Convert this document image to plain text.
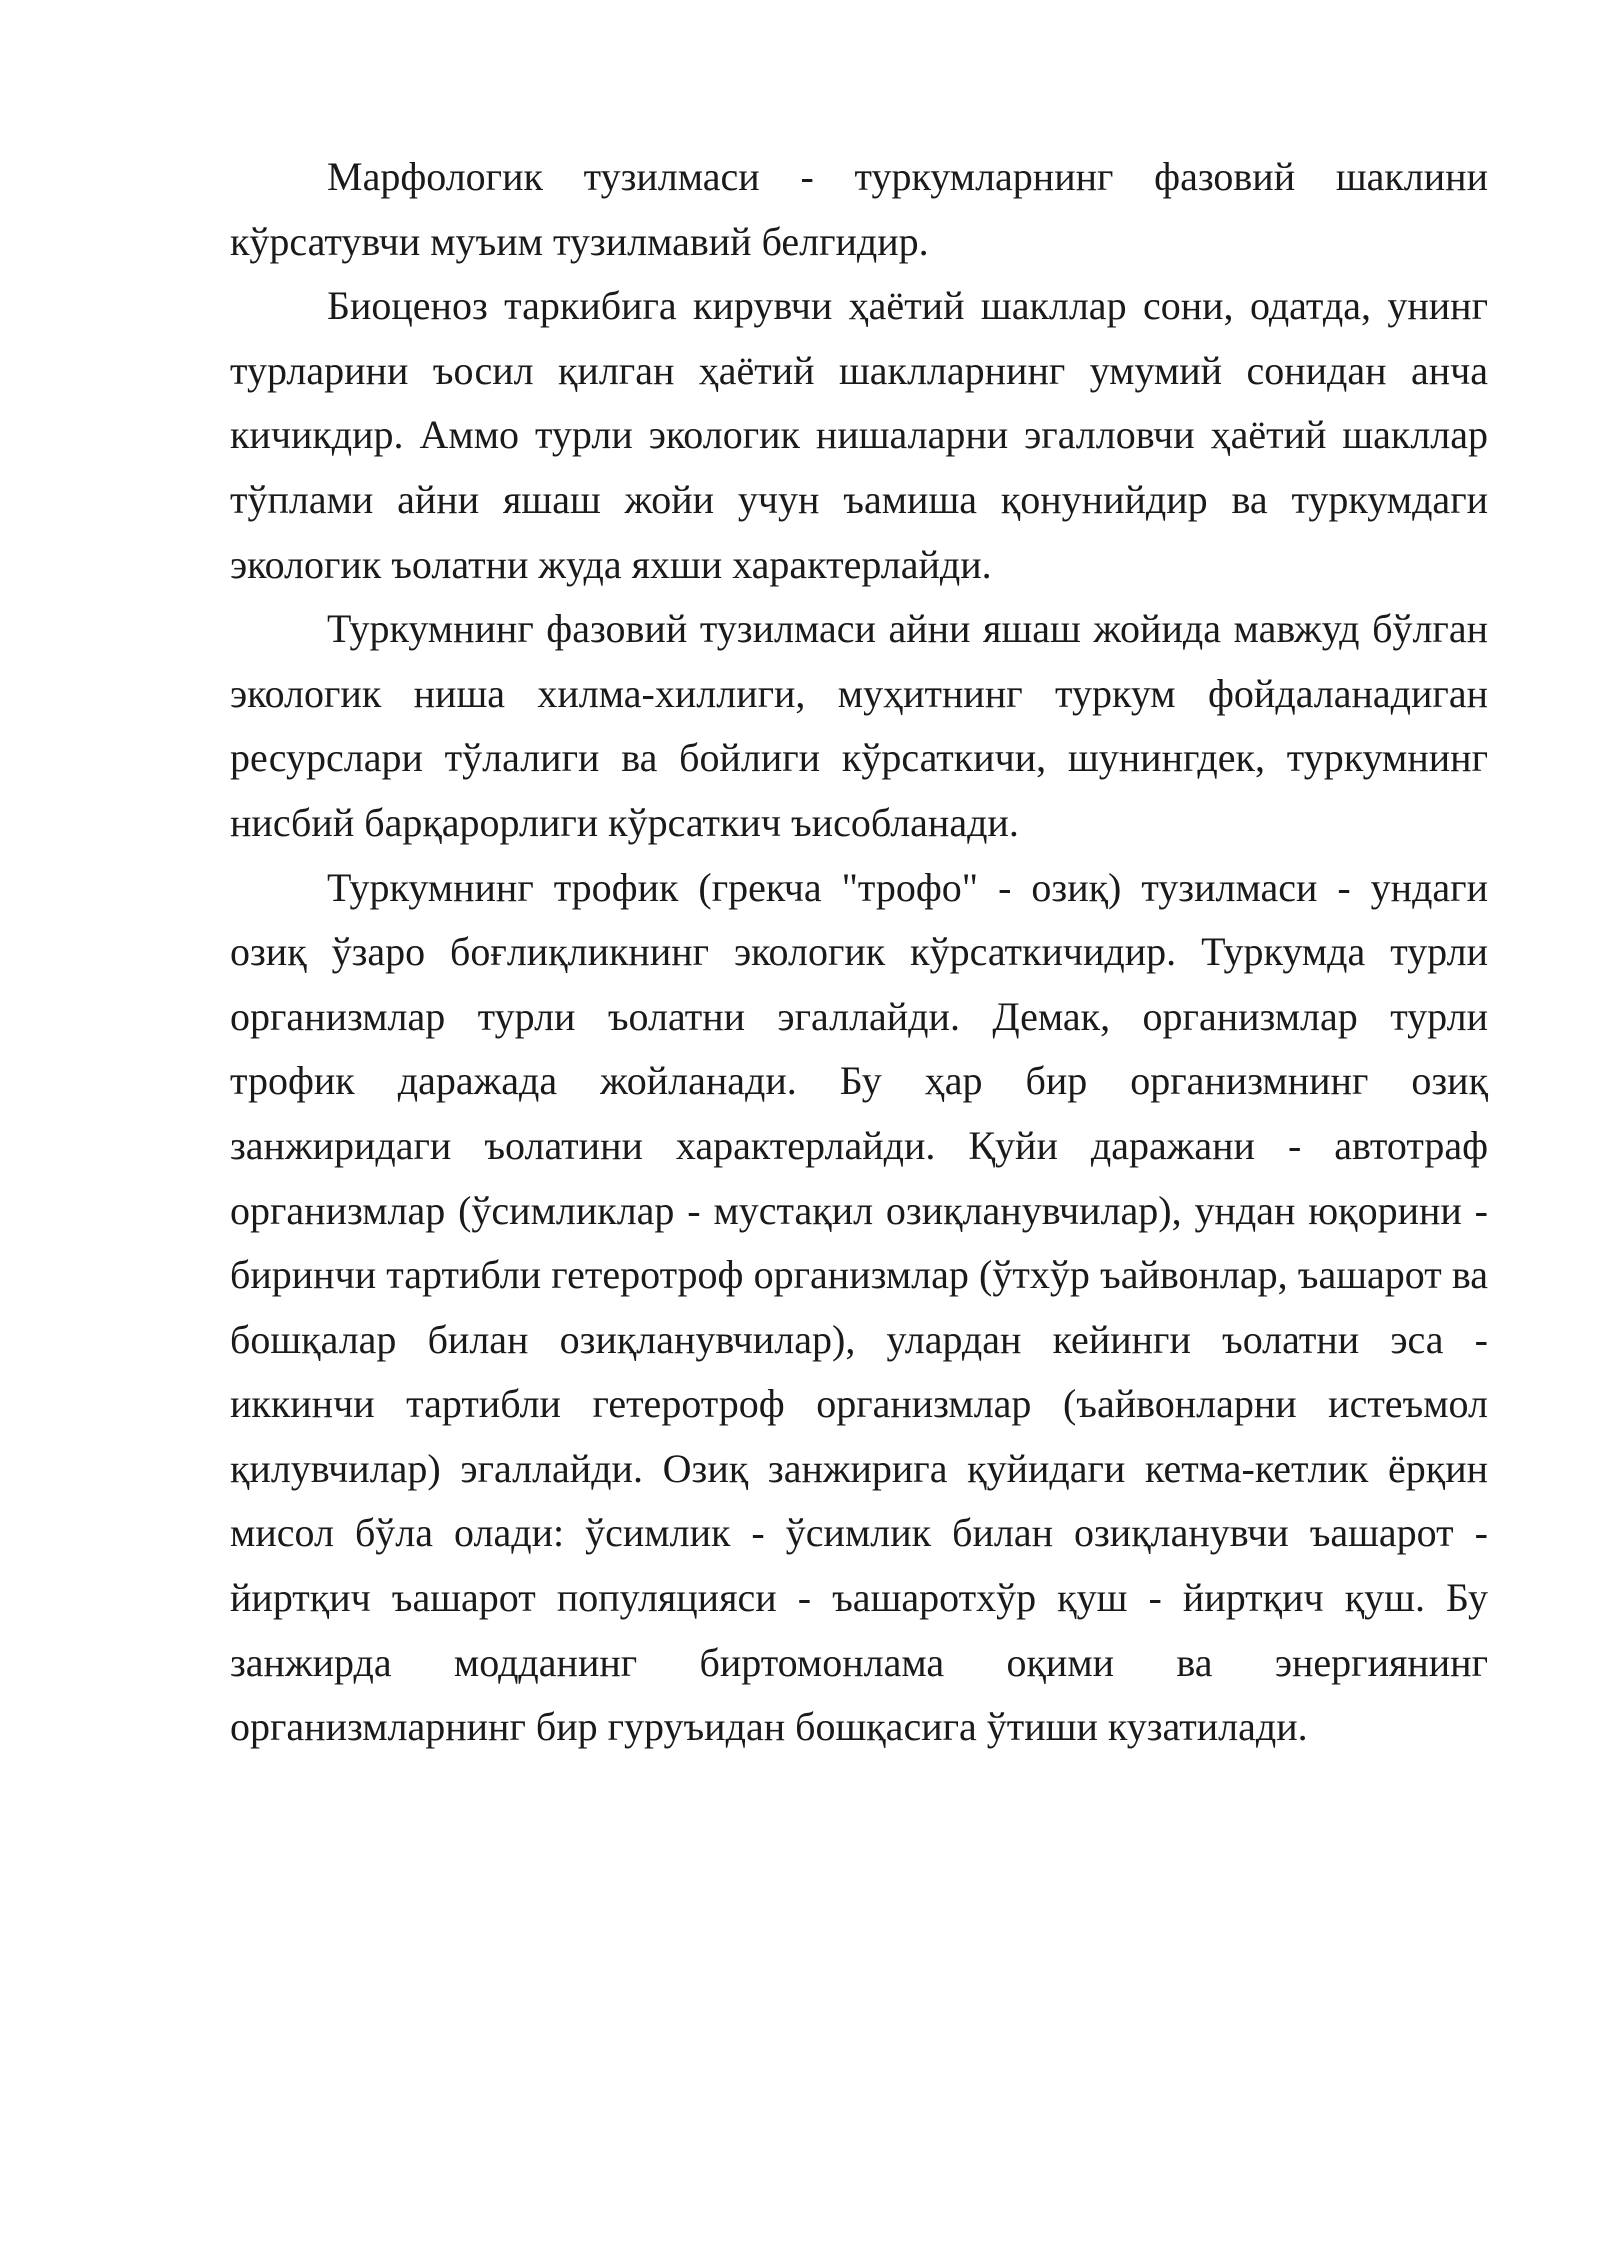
Марфологик тузилмаси - туркумларнинг фазовий шаклини кўрсатувчи муъим тузилмавий белгидир.

Биоценоз таркибига кирувчи ҳаётий шакллар сони, одатда, унинг турларини ъосил қилган ҳаётий шаклларнинг умумий сонидан анча кичикдир. Аммо турли экологик нишаларни эгалловчи ҳаётий шакллар тўплами айни яшаш жойи учун ъамиша қонунийдир ва туркумдаги экологик ъолатни жуда яхши характерлайди.

Туркумнинг фазовий тузилмаси айни яшаш жойида мавжуд бўлган экологик ниша хилма-хиллиги, муҳитнинг туркум фойдаланадиган ресурслари тўлалиги ва бойлиги кўрсаткичи, шунингдек, туркумнинг нисбий барқарорлиги кўрсаткич ъисобланади.

Туркумнинг трофик (грекча "трофо" - озиқ) тузилмаси - ундаги озиқ ўзаро боғлиқликнинг экологик кўрсаткичидир. Туркумда турли организмлар турли ъолатни эгаллайди. Демак, организмлар турли трофик даражада жойланади. Бу ҳар бир организмнинг озиқ занжиридаги ъолатини характерлайди. Қуйи даражани - автотраф организмлар (ўсимликлар - мустақил озиқланувчилар), ундан юқорини - биринчи тартибли гетеротроф организмлар (ўтхўр ъайвонлар, ъашарот ва бошқалар билан озиқланувчилар), улардан кейинги ъолатни эса - иккинчи тартибли гетеротроф организмлар (ъайвонларни истеъмол қилувчилар) эгаллайди. Озиқ занжирига қуйидаги кетма-кетлик ёрқин мисол бўла олади: ўсимлик - ўсимлик билан озиқланувчи ъашарот - йиртқич ъашарот популяцияси - ъашаротхўр қуш - йиртқич қуш. Бу занжирда модданинг биртомонлама оқими ва энергиянинг организмларнинг бир гуруъидан бошқасига ўтиши кузатилади.
